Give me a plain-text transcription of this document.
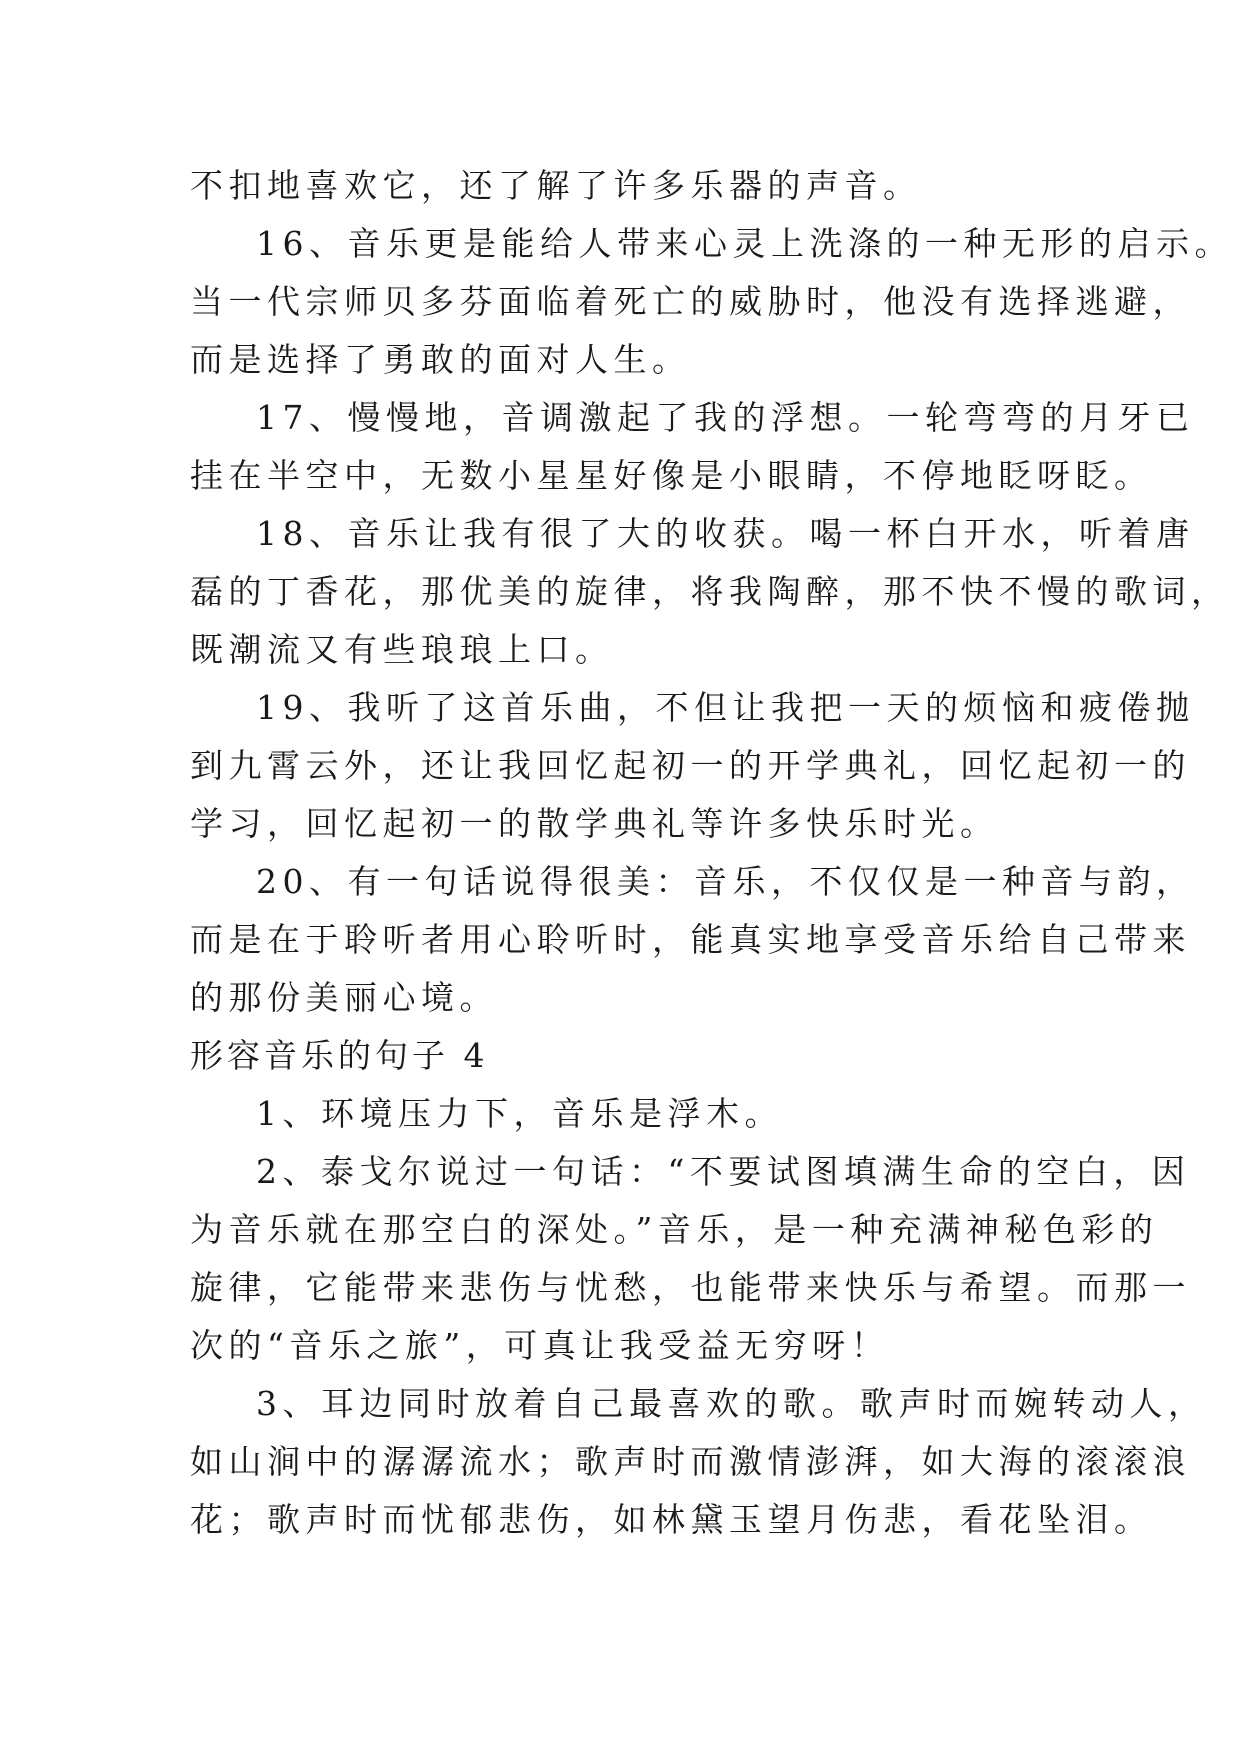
不扣地喜欢它，还了解了许多乐器的声音。
16、音乐更是能给人带来心灵上洗涤的一种无形的启示。
当一代宗师贝多芬面临着死亡的威胁时，他没有选择逃避，
而是选择了勇敢的面对人生。
17、慢慢地，音调激起了我的浮想。一轮弯弯的月牙已
挂在半空中，无数小星星好像是小眼睛，不停地眨呀眨。
18、音乐让我有很了大的收获。喝一杯白开水，听着唐
磊的丁香花，那优美的旋律，将我陶醉，那不快不慢的歌词，
既潮流又有些琅琅上口。
19、我听了这首乐曲，不但让我把一天的烦恼和疲倦抛
到九霄云外，还让我回忆起初一的开学典礼，回忆起初一的
学习，回忆起初一的散学典礼等许多快乐时光。
20、有一句话说得很美：音乐，不仅仅是一种音与韵，
而是在于聆听者用心聆听时，能真实地享受音乐给自己带来
的那份美丽心境。
形容音乐的句子 4
1、环境压力下，音乐是浮木。
2、泰戈尔说过一句话：“不要试图填满生命的空白，因
为音乐就在那空白的深处。”音乐，是一种充满神秘色彩的
旋律，它能带来悲伤与忧愁，也能带来快乐与希望。而那一
次的“音乐之旅”，可真让我受益无穷呀！
3、耳边同时放着自己最喜欢的歌。歌声时而婉转动人，
如山涧中的潺潺流水；歌声时而激情澎湃，如大海的滚滚浪
花；歌声时而忧郁悲伤，如林黛玉望月伤悲，看花坠泪。
